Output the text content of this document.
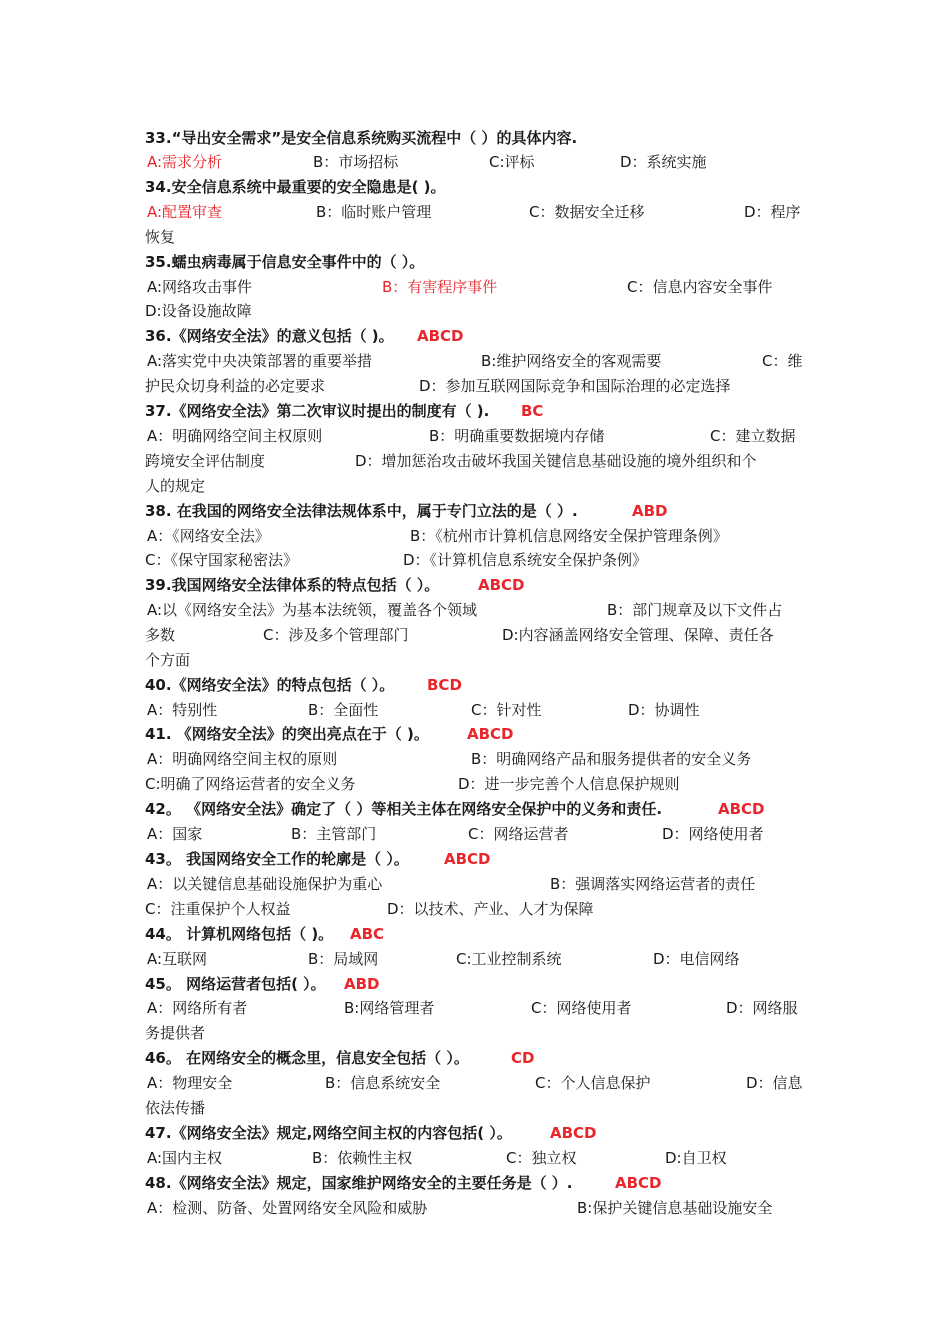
33.“导出安全需求”是安全信息系统购买流程中（ ）的具体内容.
A:需求分析	B：市场招标	C:评标	D：系统实施
34.安全信息系统中最重要的安全隐患是( )。
A:配置审查	B：临时账户管理	C：数据安全迁移	D：程序
恢复
35.蠕虫病毒属于信息安全事件中的（ ）。
A:网络攻击事件	B：有害程序事件	C：信息内容安全事件
D:设备设施故障
36.《网络安全法》的意义包括（ )。 ABCD
A:落实党中央决策部署的重要举措	B:维护网络安全的客观需要	C：维
护民众切身利益的必定要求	D：参加互联网国际竞争和国际治理的必定选择
37.《网络安全法》第二次审议时提出的制度有（ ). BC
A：明确网络空间主权原则	B：明确重要数据境内存储	C：建立数据
跨境安全评估制度	D：增加惩治攻击破坏我国关键信息基础设施的境外组织和个
人的规定
38. 在我国的网络安全法律法规体系中，属于专门立法的是（ ）.	ABD
A：《网络安全法》	B：《杭州市计算机信息网络安全保护管理条例》
C：《保守国家秘密法》	D：《计算机信息系统安全保护条例》
39.我国网络安全法律体系的特点包括（ ）。	ABCD
A:以《网络安全法》为基本法统领，覆盖各个领域	B：部门规章及以下文件占
多数	C：涉及多个管理部门	D:内容涵盖网络安全管理、保障、责任各
个方面
40.《网络安全法》的特点包括（ ）。 BCD
A：特别性	B：全面性	C：针对性	D：协调性
41. 《网络安全法》的突出亮点在于（ )。	ABCD
A：明确网络空间主权的原则	B：明确网络产品和服务提供者的安全义务
C:明确了网络运营者的安全义务	D：进一步完善个人信息保护规则
42。 《网络安全法》确定了（ ）等相关主体在网络安全保护中的义务和责任.	ABCD
A：国家	B：主管部门	C：网络运营者	D：网络使用者
43。 我国网络安全工作的轮廓是（ ）。 ABCD
A：以关键信息基础设施保护为重心	B：强调落实网络运营者的责任
C：注重保护个人权益	D：以技术、产业、人才为保障
44。 计算机网络包括（ )。 ABC
A:互联网	B：局域网	C:工业控制系统	D：电信网络
45。 网络运营者包括( ）。 ABD
A：网络所有者	B:网络管理者	C：网络使用者	D：网络服
务提供者
46。 在网络安全的概念里，信息安全包括（ ）。	CD
A：物理安全	B：信息系统安全	C：个人信息保护	D：信息
依法传播
47.《网络安全法》规定,网络空间主权的内容包括( ）。	ABCD
A:国内主权	B：依赖性主权	C：独立权	D:自卫权
48.《网络安全法》规定，国家维护网络安全的主要任务是（ ）.	ABCD
A：检测、防备、处置网络安全风险和威胁	B:保护关键信息基础设施安全
